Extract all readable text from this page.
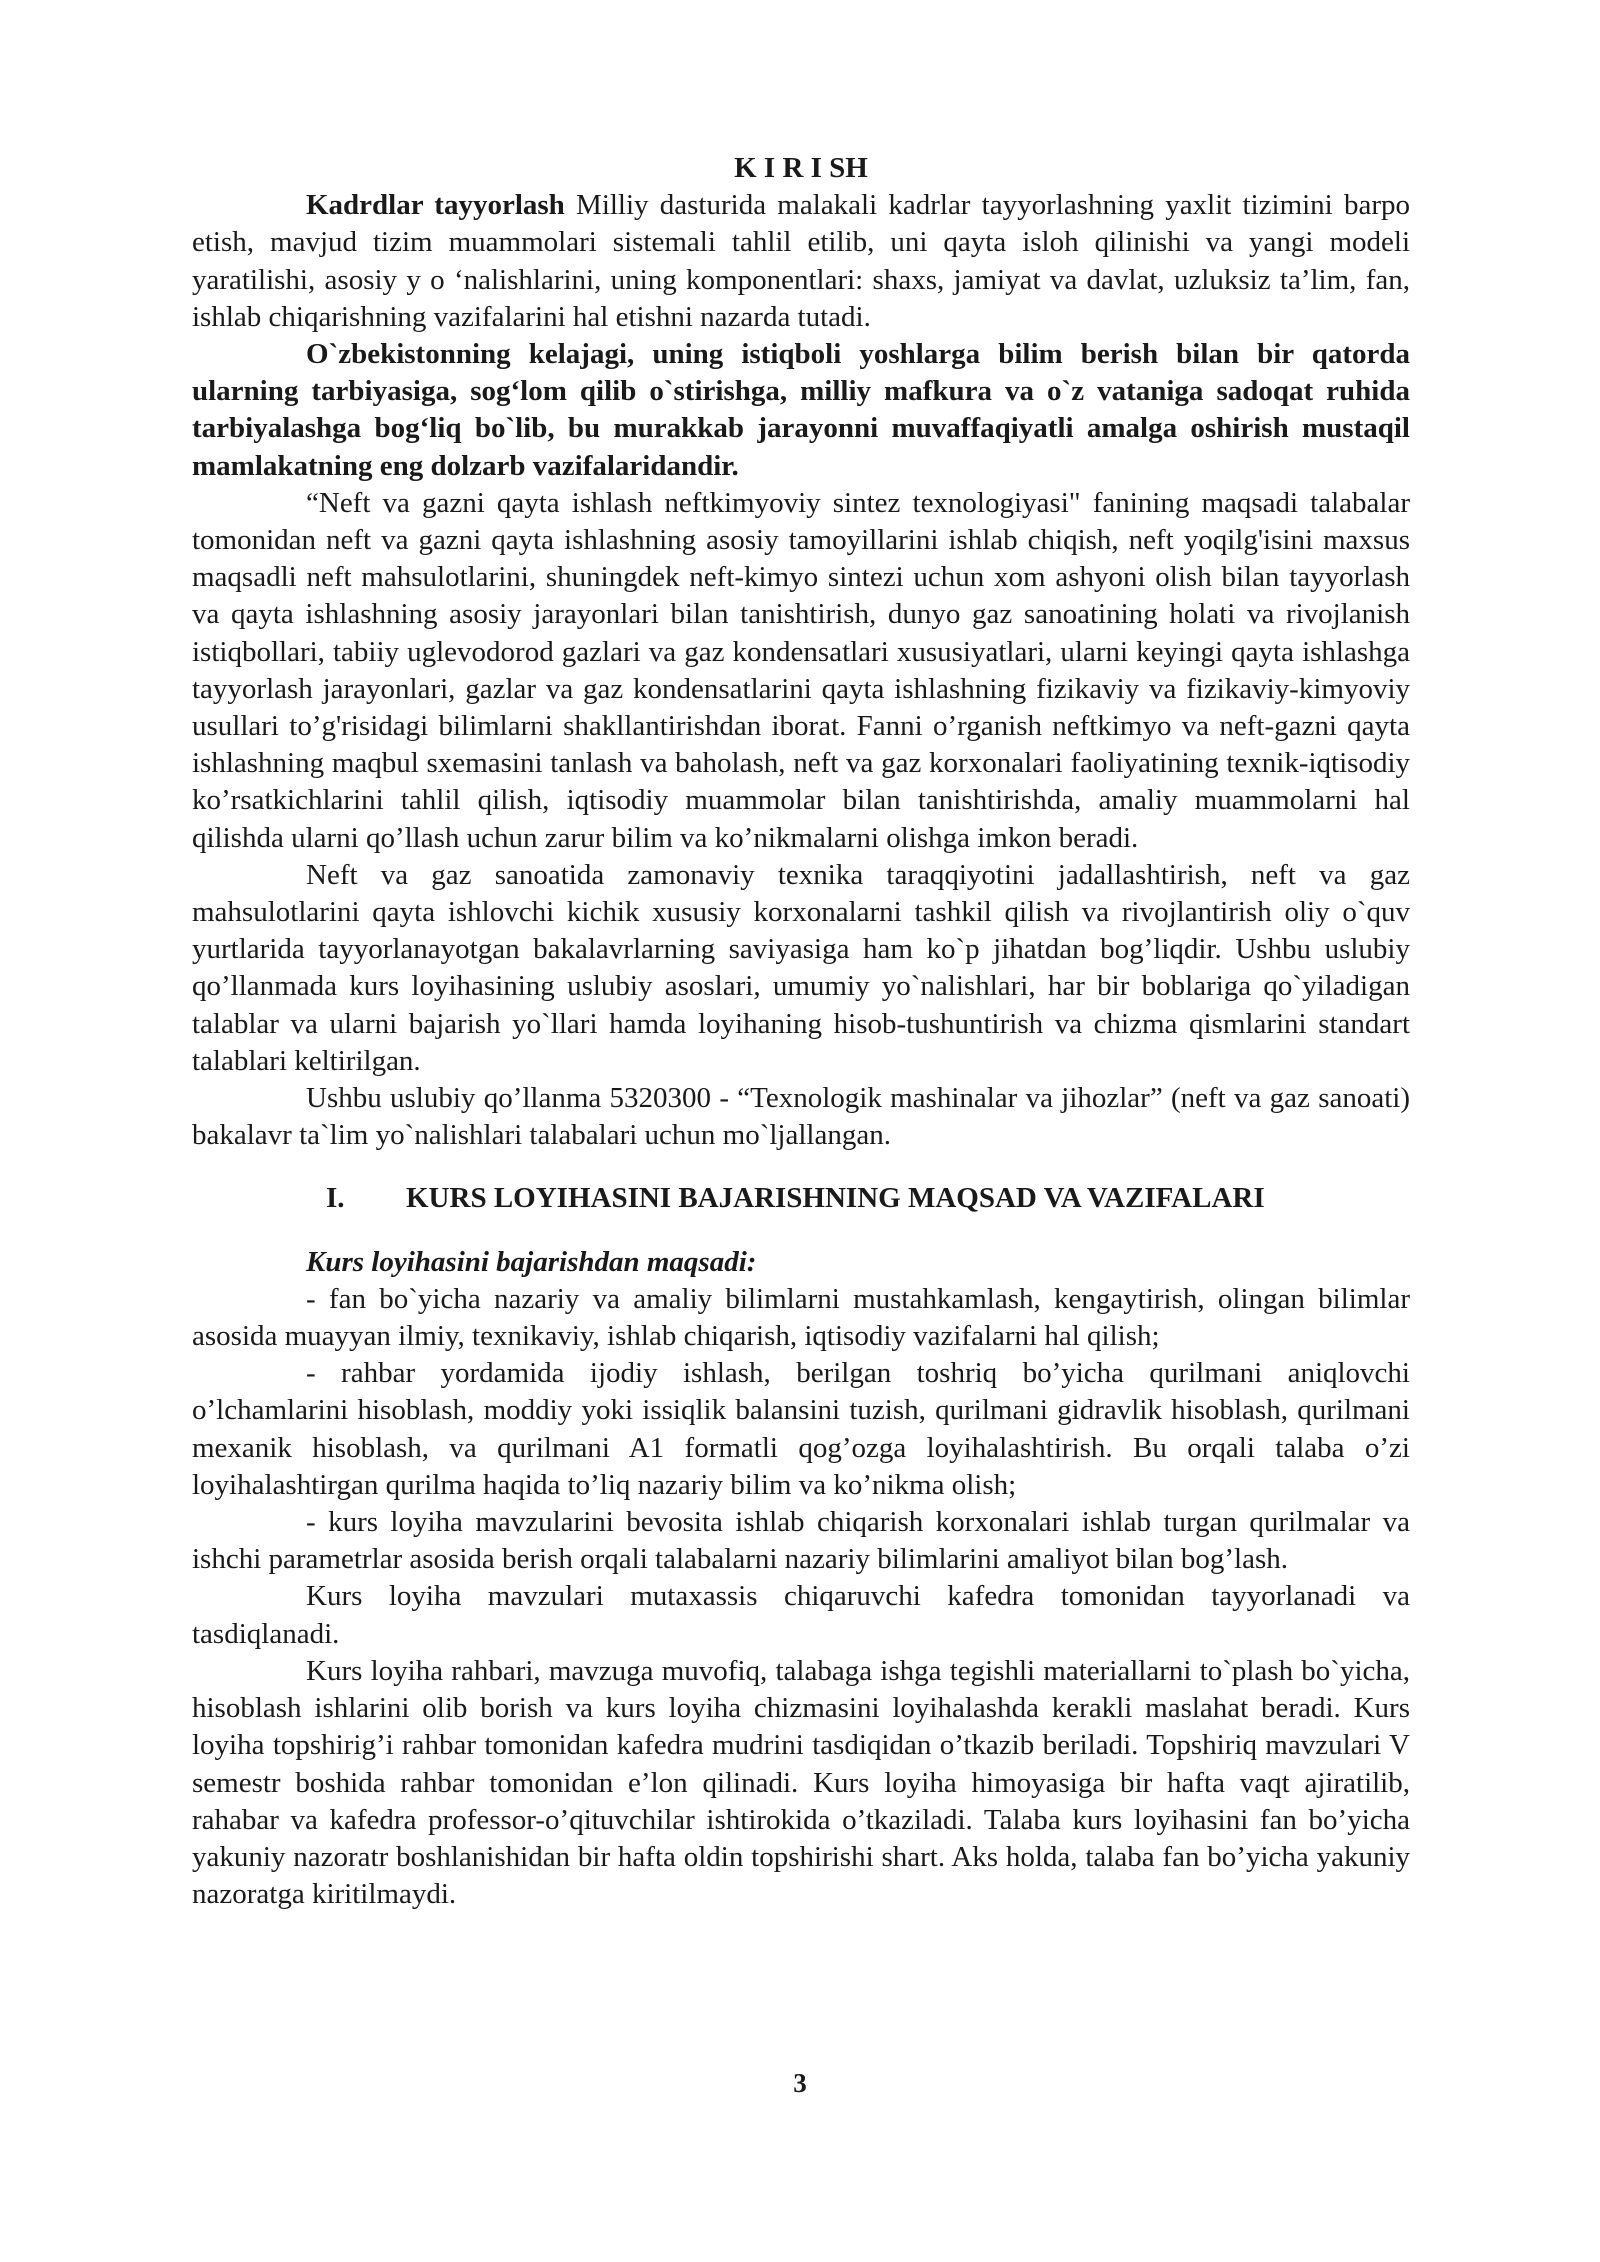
K I R I SH

Kadrdlar tayyorlash Milliy dasturida malakali kadrlar tayyorlashning yaxlit tizimini barpo etish, mavjud tizim muammolari sistemali tahlil etilib, uni qayta isloh qilinishi va yangi modeli yaratilishi, asosiy y o ‘nalishlarini, uning komponentlari: shaxs, jamiyat va davlat, uzluksiz ta’lim, fan, ishlab chiqarishning vazifalarini hal etishni nazarda tutadi.

O`zbekistonning kelajagi, uning istiqboli yoshlarga bilim berish bilan bir qatorda ularning tarbiyasiga, sog‘lom qilib o`stirishga, milliy mafkura va o`z vataniga sadoqat ruhida tarbiyalashga bog‘liq bo`lib, bu murakkab jarayonni muvaffaqiyatli amalga oshirish mustaqil mamlakatning eng dolzarb vazifalaridandir.

“Neft va gazni qayta ishlash neftkimyoviy sintez texnologiyasi" fanining maqsadi talabalar tomonidan neft va gazni qayta ishlashning asosiy tamoyillarini ishlab chiqish, neft yoqilg'isini maxsus maqsadli neft mahsulotlarini, shuningdek neft-kimyo sintezi uchun xom ashyoni olish bilan tayyorlash va qayta ishlashning asosiy jarayonlari bilan tanishtirish, dunyo gaz sanoatining holati va rivojlanish istiqbollari, tabiiy uglevodorod gazlari va gaz kondensatlari xususiyatlari, ularni keyingi qayta ishlashga tayyorlash jarayonlari, gazlar va gaz kondensatlarini qayta ishlashning fizikaviy va fizikaviy-kimyoviy usullari to’g'risidagi bilimlarni shakllantirishdan iborat. Fanni o’rganish neftkimyo va neft-gazni qayta ishlashning maqbul sxemasini tanlash va baholash, neft va gaz korxonalari faoliyatining texnik-iqtisodiy ko’rsatkichlarini tahlil qilish, iqtisodiy muammolar bilan tanishtirishda, amaliy muammolarni hal qilishda ularni qo’llash uchun zarur bilim va ko’nikmalarni olishga imkon beradi.

Neft va gaz sanoatida zamonaviy texnika taraqqiyotini jadallashtirish, neft va gaz mahsulotlarini qayta ishlovchi kichik xususiy korxonalarni tashkil qilish va rivojlantirish oliy o`quv yurtlarida tayyorlanayotgan bakalavrlarning saviyasiga ham ko`p jihatdan bog’liqdir. Ushbu uslubiy qo’llanmada kurs loyihasining uslubiy asoslari, umumiy yo`nalishlari, har bir boblariga qo`yiladigan talablar va ularni bajarish yo`llari hamda loyihaning hisob-tushuntirish va chizma qismlarini standart talablari keltirilgan.

Ushbu uslubiy qo’llanma 5320300 - “Texnologik mashinalar va jihozlar” (neft va gaz sanoati) bakalavr ta`lim yo`nalishlari talabalari uchun mo`ljallangan.

I. KURS LOYIHASINI BAJARISHNING MAQSAD VA VAZIFALARI
Kurs loyihasini bajarishdan maqsadi:

- fan bo`yicha nazariy va amaliy bilimlarni mustahkamlash, kengaytirish, olingan bilimlar asosida muayyan ilmiy, texnikaviy, ishlab chiqarish, iqtisodiy vazifalarni hal qilish;

- rahbar yordamida ijodiy ishlash, berilgan toshriq bo’yicha qurilmani aniqlovchi o’lchamlarini hisoblash, moddiy yoki issiqlik balansini tuzish, qurilmani gidravlik hisoblash, qurilmani mexanik hisoblash, va qurilmani A1 formatli qog’ozga loyihalashtirish. Bu orqali talaba o’zi loyihalashtirgan qurilma haqida to’liq nazariy bilim va ko’nikma olish;

- kurs loyiha mavzularini bevosita ishlab chiqarish korxonalari ishlab turgan qurilmalar va ishchi parametrlar asosida berish orqali talabalarni nazariy bilimlarini amaliyot bilan bog’lash.

Kurs loyiha mavzulari mutaxassis chiqaruvchi kafedra tomonidan tayyorlanadi va tasdiqlanadi.

Kurs loyiha rahbari, mavzuga muvofiq, talabaga ishga tegishli materiallarni to`plash bo`yicha, hisoblash ishlarini olib borish va kurs loyiha chizmasini loyihalashda kerakli maslahat beradi. Kurs loyiha topshirig’i rahbar tomonidan kafedra mudrini tasdiqidan o’tkazib beriladi. Topshiriq mavzulari V semestr boshida rahbar tomonidan e’lon qilinadi. Kurs loyiha himoyasiga bir hafta vaqt ajiratilib, rahabar va kafedra professor-o’qituvchilar ishtirokida o’tkaziladi. Talaba kurs loyihasini fan bo’yicha yakuniy nazoratr boshlanishidan bir hafta oldin topshirishi shart. Aks holda, talaba fan bo’yicha yakuniy nazoratga kiritilmaydi.

3
